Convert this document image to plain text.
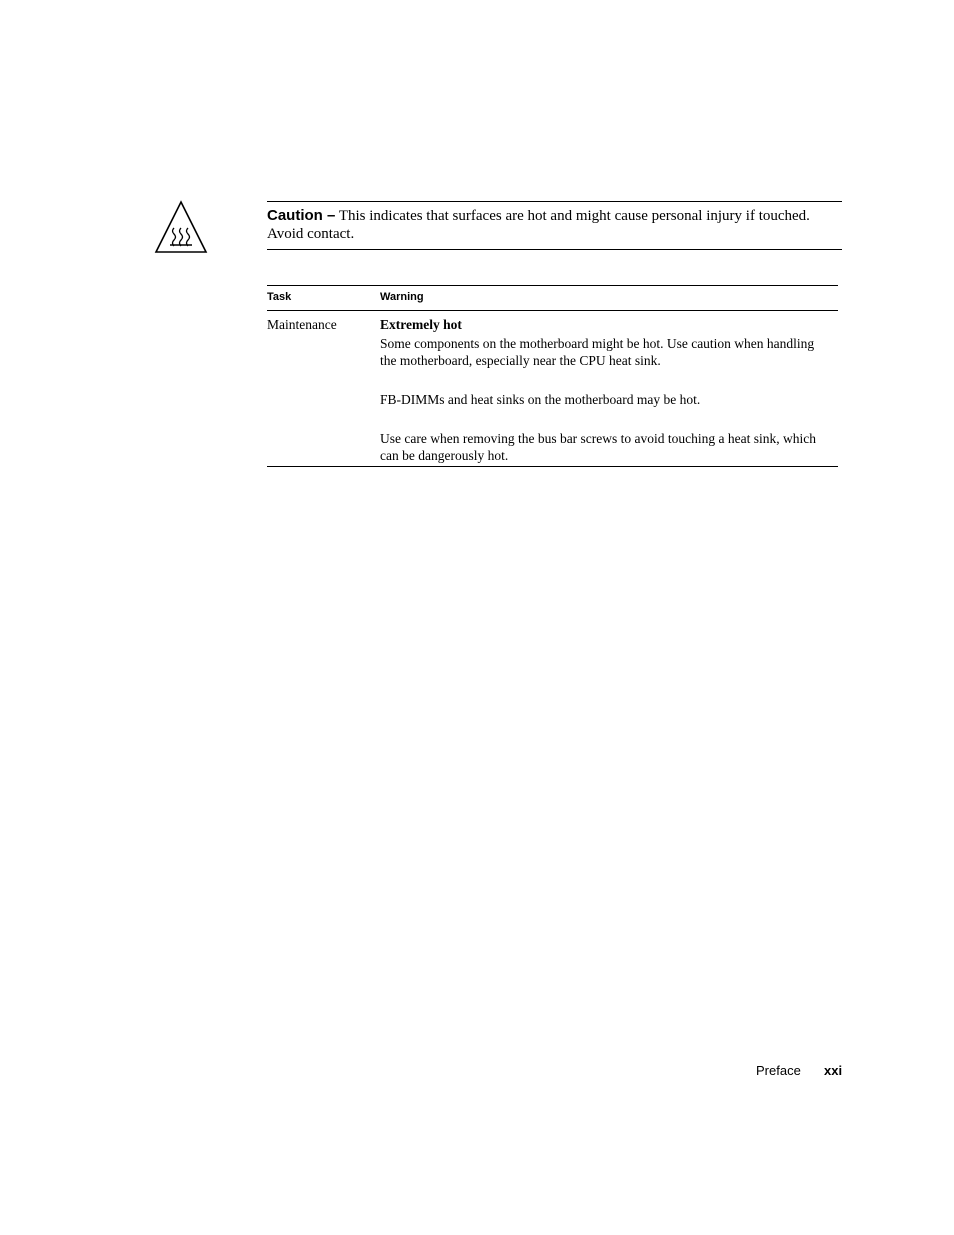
Caution – This indicates that surfaces are hot and might cause personal injury if touched. Avoid contact.
Task	Warning
Maintenance	Extremely hot
Some components on the motherboard might be hot. Use caution when handling the motherboard, especially near the CPU heat sink.
FB-DIMMs and heat sinks on the motherboard may be hot.
Use care when removing the bus bar screws to avoid touching a heat sink, which can be dangerously hot.
Preface xxi
